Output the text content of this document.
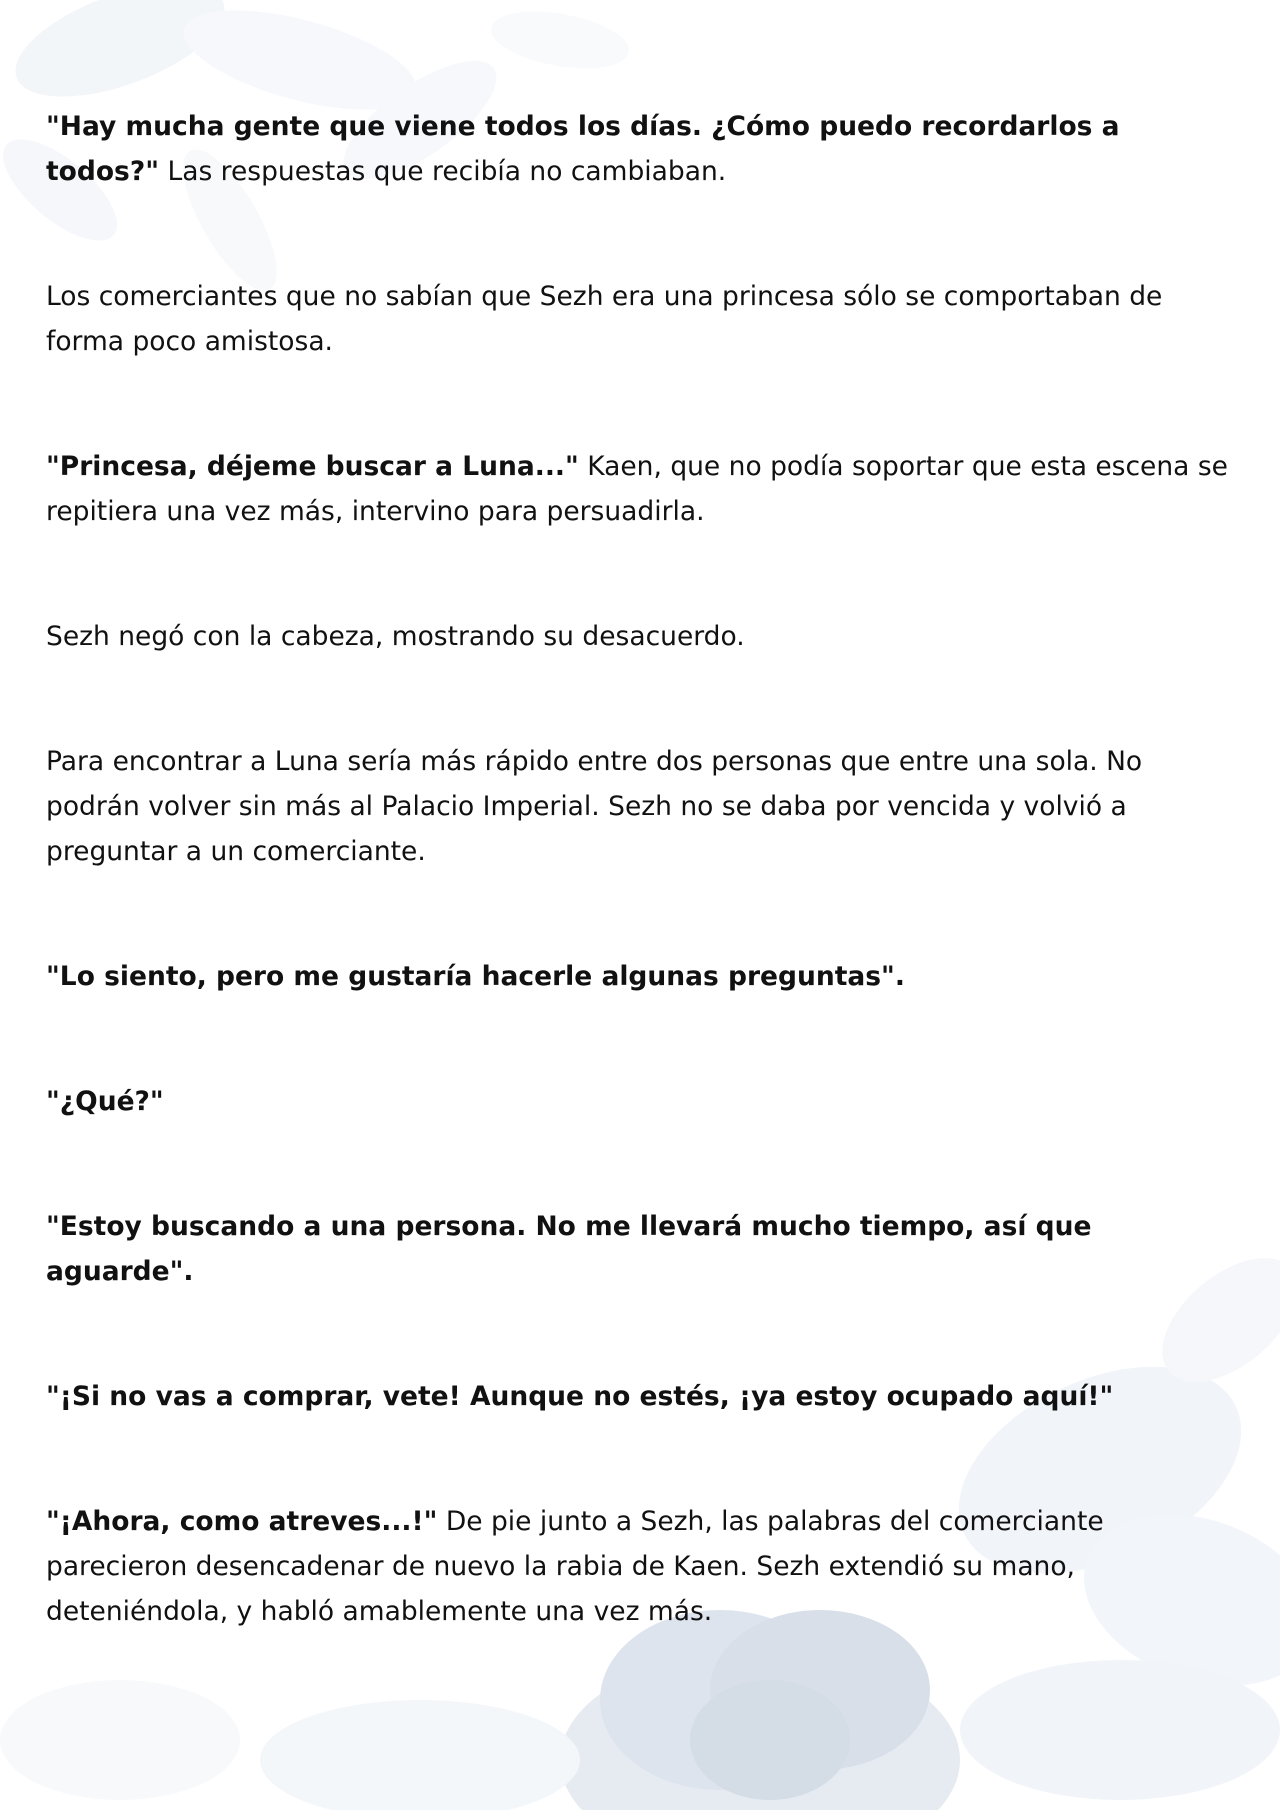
"Hay mucha gente que viene todos los días. ¿Cómo puedo recordarlos a todos?" Las respuestas que recibía no cambiaban.

Los comerciantes que no sabían que Sezh era una princesa sólo se comportaban de forma poco amistosa.

"Princesa, déjeme buscar a Luna..." Kaen, que no podía soportar que esta escena se repitiera una vez más, intervino para persuadirla.

Sezh negó con la cabeza, mostrando su desacuerdo.

Para encontrar a Luna sería más rápido entre dos personas que entre una sola. No podrán volver sin más al Palacio Imperial. Sezh no se daba por vencida y volvió a preguntar a un comerciante.

"Lo siento, pero me gustaría hacerle algunas preguntas".

"¿Qué?"

"Estoy buscando a una persona. No me llevará mucho tiempo, así que aguarde".

"¡Si no vas a comprar, vete! Aunque no estés, ¡ya estoy ocupado aquí!"

"¡Ahora, como atreves...!" De pie junto a Sezh, las palabras del comerciante parecieron desencadenar de nuevo la rabia de Kaen. Sezh extendió su mano, deteniéndola, y habló amablemente una vez más.
